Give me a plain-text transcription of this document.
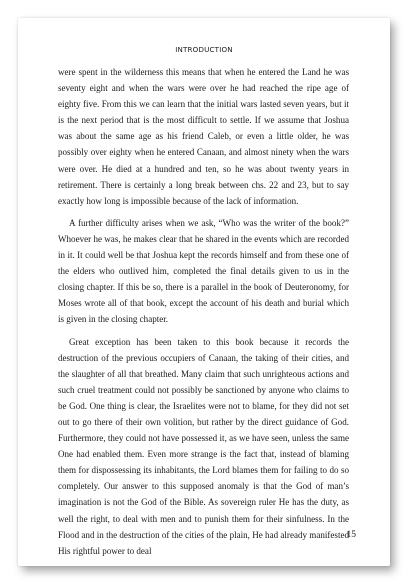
INTRODUCTION

were spent in the wilderness this means that when he entered the Land he was seventy eight and when the wars were over he had reached the ripe age of eighty five. From this we can learn that the initial wars lasted seven years, but it is the next period that is the most difficult to settle. If we assume that Joshua was about the same age as his friend Caleb, or even a little older, he was possibly over eighty when he entered Canaan, and almost ninety when the wars were over. He died at a hundred and ten, so he was about twenty years in retirement. There is certainly a long break between chs. 22 and 23, but to say exactly how long is impossible because of the lack of information.

A further difficulty arises when we ask, “Who was the writer of the book?” Whoever he was, he makes clear that he shared in the events which are recorded in it. It could well be that Joshua kept the records himself and from these one of the elders who outlived him, completed the final details given to us in the closing chapter. If this be so, there is a parallel in the book of Deuteronomy, for Moses wrote all of that book, except the account of his death and burial which is given in the closing chapter.

Great exception has been taken to this book because it records the destruction of the previous occupiers of Canaan, the taking of their cities, and the slaughter of all that breathed. Many claim that such unrighteous actions and such cruel treatment could not possibly be sanctioned by anyone who claims to be God. One thing is clear, the Israelites were not to blame, for they did not set out to go there of their own volition, but rather by the direct guidance of God. Furthermore, they could not have possessed it, as we have seen, unless the same One had enabled them. Even more strange is the fact that, instead of blaming them for dispossessing its inhabitants, the Lord blames them for failing to do so completely. Our answer to this supposed anomaly is that the God of man’s imagination is not the God of the Bible. As sovereign ruler He has the duty, as well the right, to deal with men and to punish them for their sinfulness. In the Flood and in the destruction of the cities of the plain, He had already manifested His rightful power to deal

15
